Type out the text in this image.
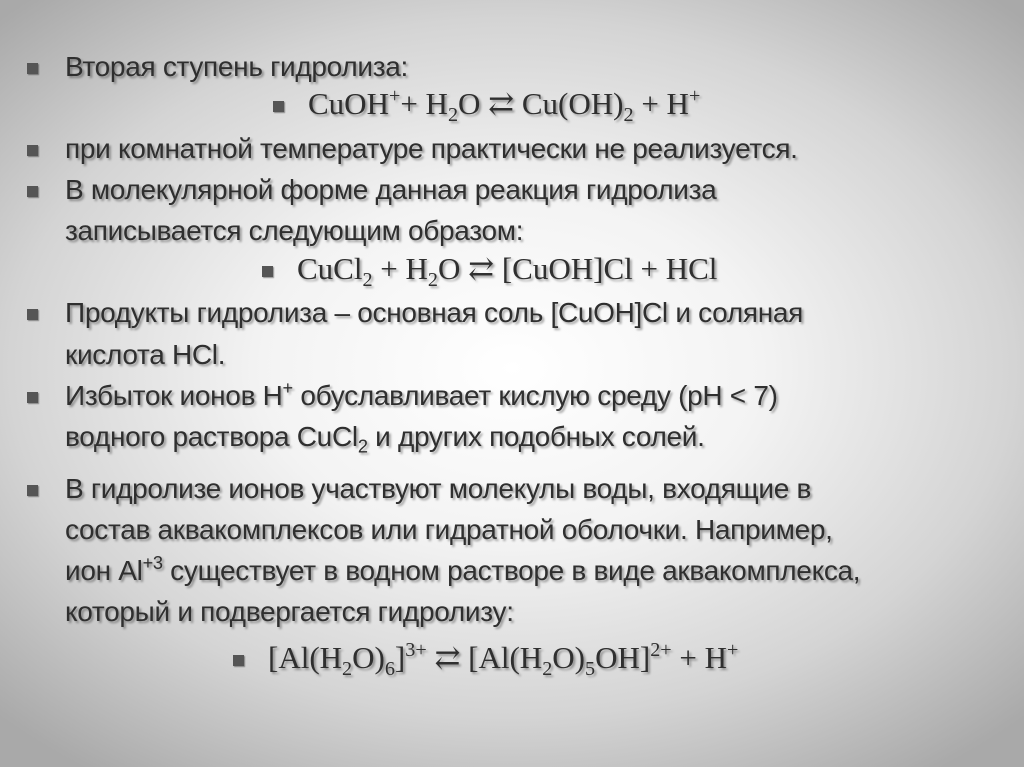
Вторая ступень гидролиза:
CuOH++ $H_2O$ ⇄ $Cu(OH)_2 + H^+$
при комнатной температуре практически не реализуется.
В молекулярной форме данная реакция гидролиза
записывается следующим образом:
CuCl$_2$ + $H_2O$ ⇄ [CuOH]Cl + HCl
Продукты гидролиза – основная соль [CuOH]Cl и соляная
кислота HCl.
Избыток ионов H+ обуславливает кислую среду (pH < 7)
водного раствора CuCl$_2$ и других подобных солей.
В гидролизе ионов участвуют молекулы воды, входящие в
состав аквакомплексов или гидратной оболочки. Например,
ион $Al^{+3}$ существует в водном растворе в виде аквакомплекса,
который и подвергается гидролизу:
$[Al(H_2O)_6]^{3+}$ ⇄ $[Al(H_2O)_5OH]^{2+} + H^+$
